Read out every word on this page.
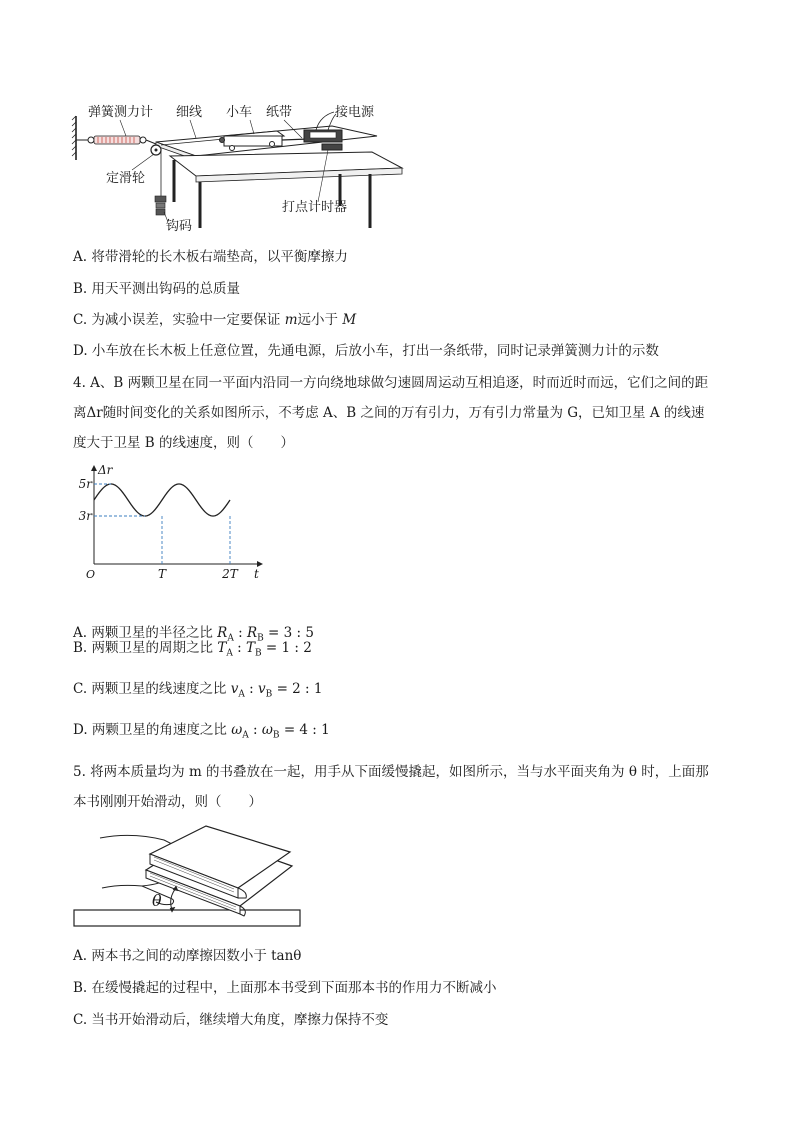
弹簧测力计 细线 小车 纸带	接电源
定滑轮
打点计时器
钩码
A. 将带滑轮的长木板右端垫高，以平衡摩擦力
B. 用天平测出钩码的总质量
C. 为减小误差，实验中一定要保证 m远小于 M
D. 小车放在长木板上任意位置，先通电源，后放小车，打出一条纸带，同时记录弹簧测力计的示数
4. A、B 两颗卫星在同一平面内沿同一方向绕地球做匀速圆周运动互相追逐，时而近时而远，它们之间的距
离Δr随时间变化的关系如图所示，不考虑 A、B 之间的万有引力，万有引力常量为 G，已知卫星 A 的线速
度大于卫星 B 的线速度，则（　　）
5r
3r
T	2T
Δr
t
O
A. 两颗卫星的半径之比 $R_A$ : $R_B = 3$ : 5
B. 两颗卫星的周期之比 $T_A$ : $T_B = 1$ : 2
C. 两颗卫星的线速度之比 $v_A$ : $v_B = 2$ : 1
D. 两颗卫星的角速度之比 $\omega_A$ : $\omega_B = 4$ : 1
5. 将两本质量均为 m 的书叠放在一起，用手从下面缓慢撬起，如图所示，当与水平面夹角为 θ 时，上面那
本书刚刚开始滑动，则（　　）
θ
A. 两本书之间的动摩擦因数小于 tanθ
B. 在缓慢撬起的过程中，上面那本书受到下面那本书的作用力不断减小
C. 当书开始滑动后，继续增大角度，摩擦力保持不变
